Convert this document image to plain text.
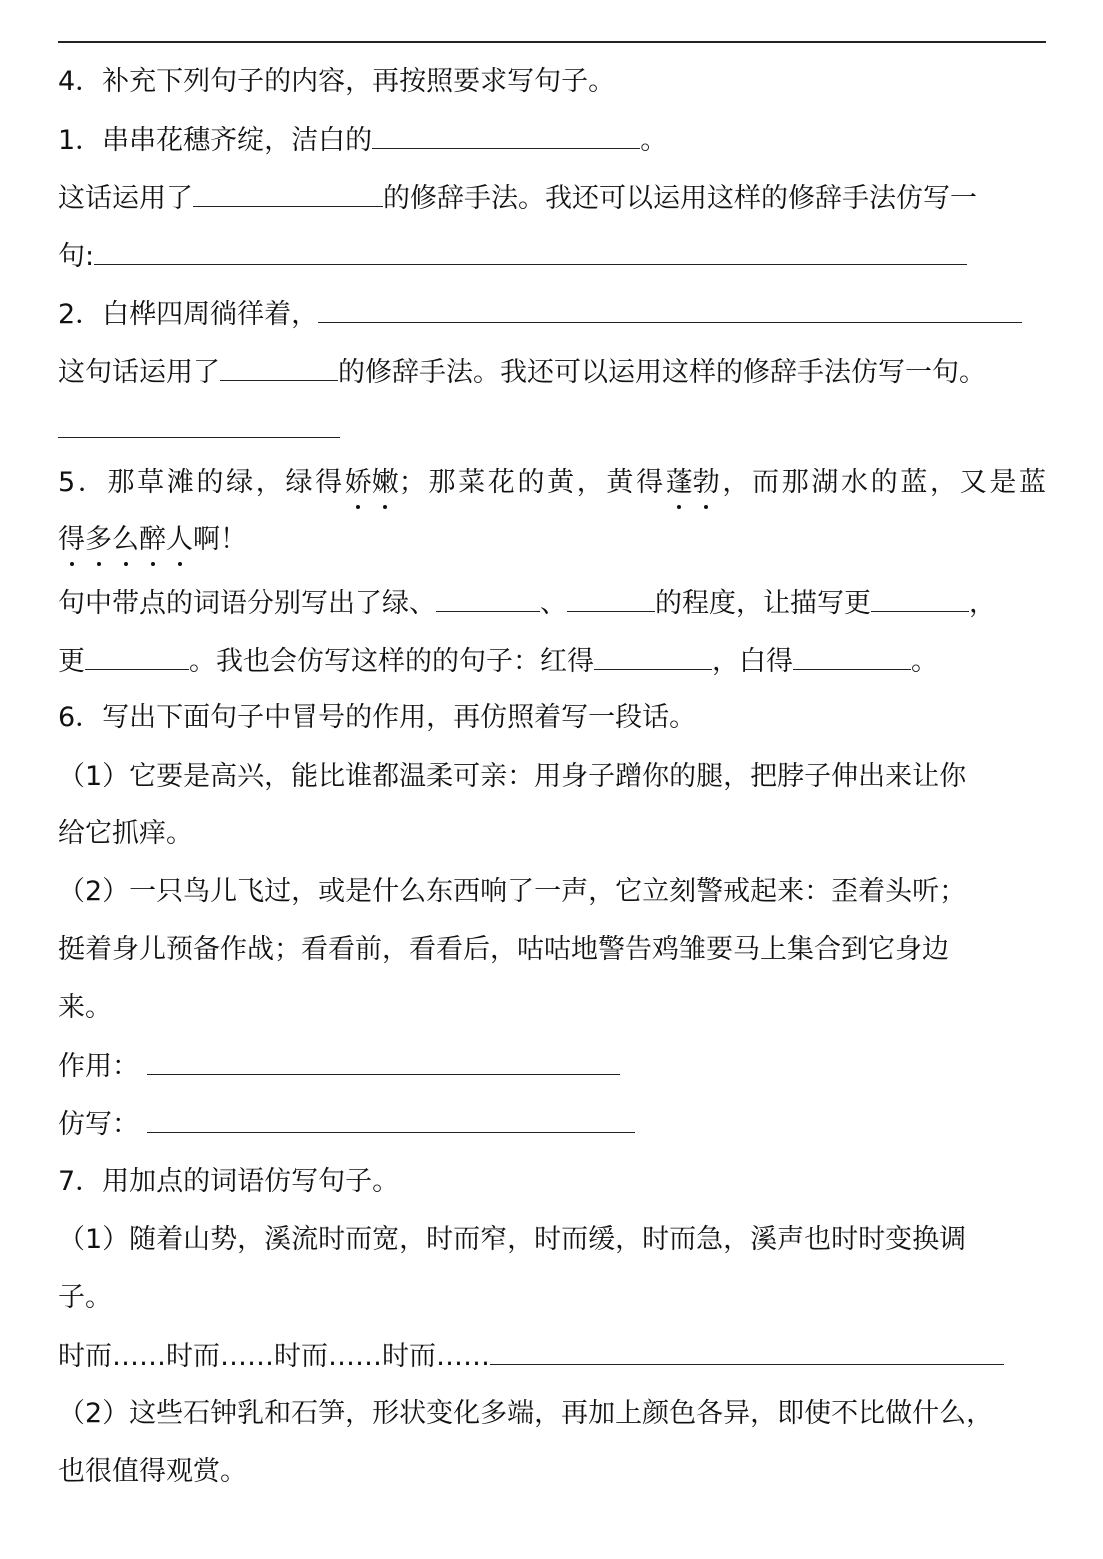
4．补充下列句子的内容，再按照要求写句子。
1．串串花穗齐绽，洁白的	。
这话运用了	的修辞手法。我还可以运用这样的修辞手法仿写一
句:
2．白桦四周徜徉着，
这句话运用了	的修辞手法。我还可以运用这样的修辞手法仿写一句。
5．那草滩的绿，绿得娇嫩；那菜花的黄，黄得蓬勃，而那湖水的蓝，又是蓝
得多么醉人啊！
句中带点的词语分别写出了绿、	、	的程度，让描写更	，
更	。我也会仿写这样的的句子：红得	，白得	。
6．写出下面句子中冒号的作用，再仿照着写一段话。
（1）它要是高兴，能比谁都温柔可亲：用身子蹭你的腿，把脖子伸出来让你
给它抓痒。
（2）一只鸟儿飞过，或是什么东西响了一声，它立刻警戒起来：歪着头听；
挺着身儿预备作战；看看前，看看后，咕咕地警告鸡雏要马上集合到它身边
来。
作用：
仿写：
7．用加点的词语仿写句子。
（1）随着山势，溪流时而宽，时而窄，时而缓，时而急，溪声也时时变换调
子。
时而……时而……时而……时而……
（2）这些石钟乳和石笋，形状变化多端，再加上颜色各异，即使不比做什么，
也很值得观赏。
